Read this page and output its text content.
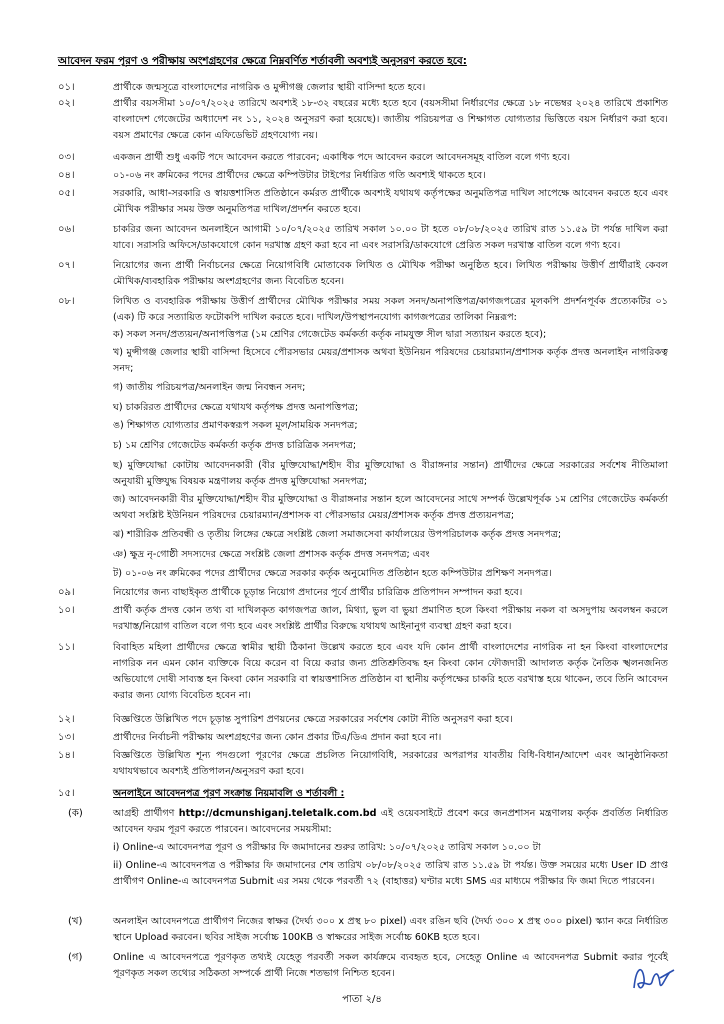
আবেদন ফরম পূরণ ও পরীক্ষায় অংশগ্রহণের ক্ষেত্রে নিম্নবর্ণিত শর্তাবলী অবশ্যই অনুসরণ করতে হবে:
০১।	প্রার্থীকে জন্মসূত্রে বাংলাদেশের নাগরিক ও মুন্সীগঞ্জ জেলার স্থায়ী বাসিন্দা হতে হবে।
০২।	প্রার্থীর বয়সসীমা ১০/০৭/২০২৫ তারিখে অবশ্যই ১৮-৩২ বছরের মধ্যে হতে হবে (বয়সসীমা নির্ধারণের ক্ষেত্রে ১৮ নভেম্বর ২০২৪ তারিখে প্রকাশিত বাংলাদেশ গেজেটের অধ্যাদেশ নং ১১, ২০২৪ অনুসরণ করা হয়েছে)। জাতীয় পরিচয়পত্র ও শিক্ষাগত যোগ্যতার ভিত্তিতে বয়স নির্ধারণ করা হবে। বয়স প্রমাণের ক্ষেত্রে কোন এফিডেভিট গ্রহণযোগ্য নয়।
০৩।	একজন প্রার্থী শুধু একটি পদে আবেদন করতে পারবেন; একাধিক পদে আবেদন করলে আবেদনসমূহ বাতিল বলে গণ্য হবে।
০৪।	০১-০৬ নং ক্রমিকের পদের প্রার্থীদের ক্ষেত্রে কম্পিউটার টাইপের নির্ধারিত গতি অবশ্যই থাকতে হবে।
০৫।	সরকারি, আধা-সরকারি ও স্বায়ত্তশাসিত প্রতিষ্ঠানে কর্মরত প্রার্থীকে অবশ্যই যথাযথ কর্তৃপক্ষের অনুমতিপত্র দাখিল সাপেক্ষে আবেদন করতে হবে এবং মৌখিক পরীক্ষার সময় উক্ত অনুমতিপত্র দাখিল/প্রদর্শন করতে হবে।
০৬।	চাকরির জন্য আবেদন অনলাইনে আগামী ১০/০৭/২০২৫ তারিখ সকাল ১০.০০ টা হতে ০৮/০৮/২০২৫ তারিখ রাত ১১.৫৯ টা পর্যন্ত দাখিল করা যাবে। সরাসরি অফিসে/ডাকযোগে কোন দরখাস্ত গ্রহণ করা হবে না এবং সরাসরি/ডাকযোগে প্রেরিত সকল দরখাস্ত বাতিল বলে গণ্য হবে।
০৭।	নিয়োগের জন্য প্রার্থী নির্বাচনের ক্ষেত্রে নিয়োগবিধি মোতাবেক লিখিত ও মৌখিক পরীক্ষা অনুষ্ঠিত হবে। লিখিত পরীক্ষায় উত্তীর্ণ প্রার্থীরাই কেবল মৌখিক/ব্যবহারিক পরীক্ষায় অংশগ্রহণের জন্য বিবেচিত হবেন।
০৮।	লিখিত ও ব্যবহারিক পরীক্ষায় উত্তীর্ণ প্রার্থীদের মৌখিক পরীক্ষার সময় সকল সনদ/অনাপত্তিপত্র/কাগজপত্রের মূলকপি প্রদর্শনপূর্বক প্রত্যেকটির ০১ (এক) টি করে সত্যায়িত ফটোকপি দাখিল করতে হবে। দাখিল/উপস্থাপনযোগ্য কাগজপত্রের তালিকা নিম্নরূপ:
ক) সকল সনদ/প্রত্যয়ন/অনাপত্তিপত্র (১ম শ্রেণির গেজেটেড কর্মকর্তা কর্তৃক নামযুক্ত সীল দ্বারা সত্যায়ন করতে হবে);
খ) মুন্সীগঞ্জ জেলার স্থায়ী বাসিন্দা হিসেবে পৌরসভার মেয়র/প্রশাসক অথবা ইউনিয়ন পরিষদের চেয়ারম্যান/প্রশাসক কর্তৃক প্রদত্ত অনলাইন নাগরিকত্ব সনদ;
গ) জাতীয় পরিচয়পত্র/অনলাইন জন্ম নিবন্ধন সনদ;
ঘ) চাকরিরত প্রার্থীদের ক্ষেত্রে যথাযথ কর্তৃপক্ষ প্রদত্ত অনাপত্তিপত্র;
ঙ) শিক্ষাগত যোগ্যতার প্রমাণকস্বরূপ সকল মূল/সাময়িক সনদপত্র;
চ) ১ম শ্রেণির গেজেটেড কর্মকর্তা কর্তৃক প্রদত্ত চারিত্রিক সনদপত্র;
ছ) মুক্তিযোদ্ধা কোটায় আবেদনকারী (বীর মুক্তিযোদ্ধা/শহীদ বীর মুক্তিযোদ্ধা ও বীরাঙ্গনার সন্তান) প্রার্থীদের ক্ষেত্রে সরকারের সর্বশেষ নীতিমালা অনুযায়ী মুক্তিযুদ্ধ বিষয়ক মন্ত্রণালয় কর্তৃক প্রদত্ত মুক্তিযোদ্ধা সনদপত্র;
জ) আবেদনকারী বীর মুক্তিযোদ্ধা/শহীদ বীর মুক্তিযোদ্ধা ও বীরাঙ্গনার সন্তান হলে আবেদনের সাথে সম্পর্ক উল্লেখপূর্বক ১ম শ্রেণির গেজেটেড কর্মকর্তা অথবা সংশ্লিষ্ট ইউনিয়ন পরিষদের চেয়ারম্যান/প্রশাসক বা পৌরসভার মেয়র/প্রশাসক কর্তৃক প্রদত্ত প্রত্যয়নপত্র;
ঝ) শারীরিক প্রতিবন্ধী ও তৃতীয় লিঙ্গের ক্ষেত্রে সংশ্লিষ্ট জেলা সমাজসেবা কার্যালয়ের উপপরিচালক কর্তৃক প্রদত্ত সনদপত্র;
ঞ) ক্ষুদ্র নৃ-গোষ্ঠী সদস্যদের ক্ষেত্রে সংশ্লিষ্ট জেলা প্রশাসক কর্তৃক প্রদত্ত সনদপত্র; এবং
ট) ০১-০৬ নং ক্রমিকের পদের প্রার্থীদের ক্ষেত্রে সরকার কর্তৃক অনুমোদিত প্রতিষ্ঠান হতে কম্পিউটার প্রশিক্ষণ সনদপত্র।
০৯।	নিয়োগের জন্য বাছাইকৃত প্রার্থীকে চূড়ান্ত নিয়োগ প্রদানের পূর্বে প্রার্থীর চারিত্রিক প্রতিপাদন সম্পাদন করা হবে।
১০।	প্রার্থী কর্তৃক প্রদত্ত কোন তথ্য বা দাখিলকৃত কাগজপত্র জাল, মিথ্যা, ভুল বা ভুয়া প্রমাণিত হলে কিংবা পরীক্ষায় নকল বা অসদুপায় অবলম্বন করলে দরখাস্ত/নিয়োগ বাতিল বলে গণ্য হবে এবং সংশ্লিষ্ট প্রার্থীর বিরুদ্ধে যথাযথ আইনানুগ ব্যবস্থা গ্রহণ করা হবে।
১১।	বিবাহিত মহিলা প্রার্থীদের ক্ষেত্রে স্বামীর স্থায়ী ঠিকানা উল্লেখ করতে হবে এবং যদি কোন প্রার্থী বাংলাদেশের নাগরিক না হন কিংবা বাংলাদেশের নাগরিক নন এমন কোন ব্যক্তিকে বিয়ে করেন বা বিয়ে করার জন্য প্রতিশ্রুতিবদ্ধ হন কিংবা কোন ফৌজদারী আদালত কর্তৃক নৈতিক স্খলনজনিত অভিযোগে দোষী সাব্যস্ত হন কিংবা কোন সরকারি বা স্বায়ত্তশাসিত প্রতিষ্ঠান বা স্থানীয় কর্তৃপক্ষের চাকরি হতে বরখাস্ত হয়ে থাকেন, তবে তিনি আবেদন করার জন্য যোগ্য বিবেচিত হবেন না।
১২।	বিজ্ঞপ্তিতে উল্লিখিত পদে চূড়ান্ত সুপারিশ প্রণয়নের ক্ষেত্রে সরকারের সর্বশেষ কোটা নীতি অনুসরণ করা হবে।
১৩।	প্রার্থীদের নির্বাচনী পরীক্ষায় অংশগ্রহণের জন্য কোন প্রকার টিএ/ডিএ প্রদান করা হবে না।
১৪।	বিজ্ঞপ্তিতে উল্লিখিত শূন্য পদগুলো পূরণের ক্ষেত্রে প্রচলিত নিয়োগবিধি, সরকারের অপরাপর যাবতীয় বিধি-বিধান/আদেশ এবং আনুষ্ঠানিকতা যথাযথভাবে অবশ্যই প্রতিপালন/অনুসরণ করা হবে।
১৫।	অনলাইনে আবেদনপত্র পূরণ সংক্রান্ত নিয়মাবলি ও শর্তাবলী :
(ক)	আগ্রহী প্রার্থীগণ http://dcmunshiganj.teletalk.com.bd এই ওয়েবসাইটে প্রবেশ করে জনপ্রশাসন মন্ত্রণালয় কর্তৃক প্রবর্তিত নির্ধারিত আবেদন ফরম পূরণ করতে পারবেন। আবেদনের সময়সীমা:
i) Online-এ আবেদনপত্র পূরণ ও পরীক্ষার ফি জমাদানের শুরুর তারিখ: ১০/০৭/২০২৫ তারিখ সকাল ১০.০০ টা
ii) Online-এ আবেদনপত্র ও পরীক্ষার ফি জমাদানের শেষ তারিখ ০৮/০৮/২০২৫ তারিখ রাত ১১.৫৯ টা পর্যন্ত। উক্ত সময়ের মধ্যে User ID প্রাপ্ত প্রার্থীগণ Online-এ আবেদনপত্র Submit এর সময় থেকে পরবর্তী ৭২ (বাহাত্তর) ঘণ্টার মধ্যে SMS এর মাধ্যমে পরীক্ষার ফি জমা দিতে পারবেন।
(খ)	অনলাইন আবেদনপত্রে প্রার্থীগণ নিজের স্বাক্ষর (দৈর্ঘ্য ৩০০ x প্রস্থ ৮০ pixel) এবং রঙিন ছবি (দৈর্ঘ্য ৩০০ x প্রস্থ ৩০০ pixel) স্ক্যান করে নির্ধারিত স্থানে Upload করবেন। ছবির সাইজ সর্বোচ্চ 100KB ও স্বাক্ষরের সাইজ সর্বোচ্চ 60KB হতে হবে।
(গ)	Online এ আবেদনপত্রে পূরণকৃত তথ্যই যেহেতু পরবর্তী সকল কার্যক্রমে ব্যবহৃত হবে, সেহেতু Online এ আবেদনপত্র Submit করার পূর্বেই পূরণকৃত সকল তথ্যের সঠিকতা সম্পর্কে প্রার্থী নিজে শতভাগ নিশ্চিত হবেন।
পাতা ২/৪
